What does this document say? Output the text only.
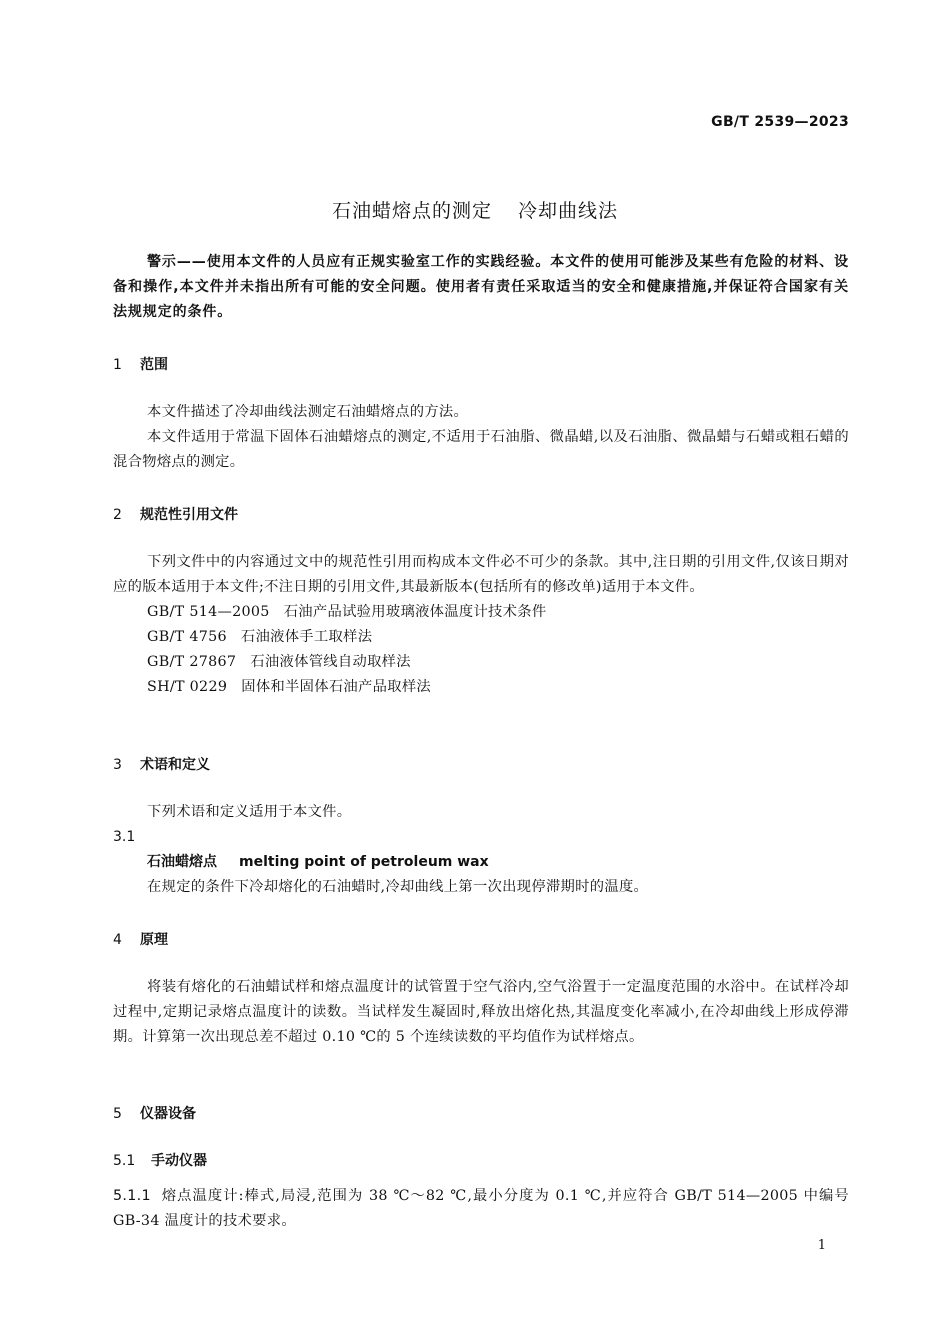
GB/T 2539—2023
石油蜡熔点的测定 冷却曲线法
警示——使用本文件的人员应有正规实验室工作的实践经验。本文件的使用可能涉及某些有危险的材料、设备和操作,本文件并未指出所有可能的安全问题。使用者有责任采取适当的安全和健康措施,并保证符合国家有关法规规定的条件。
1 范围

本文件描述了冷却曲线法测定石油蜡熔点的方法。

本文件适用于常温下固体石油蜡熔点的测定,不适用于石油脂、微晶蜡,以及石油脂、微晶蜡与石蜡或粗石蜡的混合物熔点的测定。

2 规范性引用文件

下列文件中的内容通过文中的规范性引用而构成本文件必不可少的条款。其中,注日期的引用文件,仅该日期对应的版本适用于本文件;不注日期的引用文件,其最新版本(包括所有的修改单)适用于本文件。

GB/T 514—2005 石油产品试验用玻璃液体温度计技术条件

GB/T 4756 石油液体手工取样法

GB/T 27867 石油液体管线自动取样法

SH/T 0229 固体和半固体石油产品取样法

3 术语和定义

下列术语和定义适用于本文件。

3.1

石油蜡熔点 melting point of petroleum wax

在规定的条件下冷却熔化的石油蜡时,冷却曲线上第一次出现停滞期时的温度。

4 原理

将装有熔化的石油蜡试样和熔点温度计的试管置于空气浴内,空气浴置于一定温度范围的水浴中。在试样冷却过程中,定期记录熔点温度计的读数。当试样发生凝固时,释放出熔化热,其温度变化率减小,在冷却曲线上形成停滞期。计算第一次出现总差不超过 0.10 ℃的 5 个连续读数的平均值作为试样熔点。

5 仪器设备
5.1 手动仪器

5.1.1 熔点温度计:棒式,局浸,范围为 38 ℃～82 ℃,最小分度为 0.1 ℃,并应符合 GB/T 514—2005 中编号 GB-34 温度计的技术要求。

1
